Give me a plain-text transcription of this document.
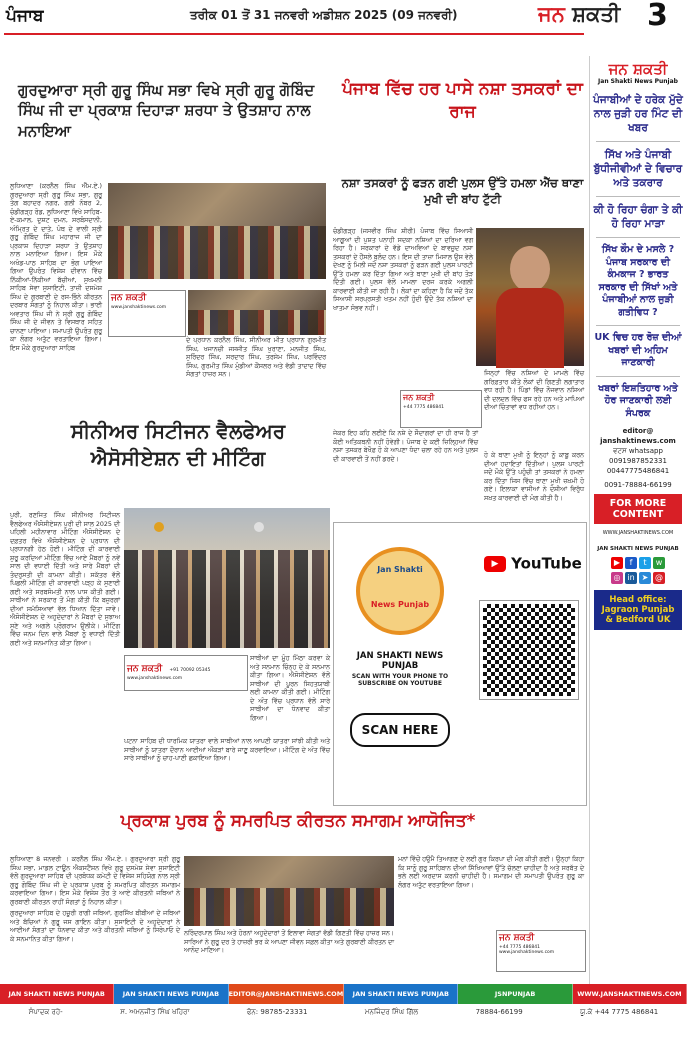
ਪੰਜਾਬ	ਤਰੀਕ 01 ਤੋਂ 31 ਜਨਵਰੀ ਅਡੀਸ਼ਨ 2025 (09 ਜਨਵਰੀ)	ਜਨ ਸ਼ਕਤੀ 3
ਗੁਰਦੁਆਰਾ ਸ੍ਰੀ ਗੁਰੂ ਸਿੰਘ ਸਭਾ ਵਿਖੇ ਸ੍ਰੀ ਗੁਰੂ ਗੋਬਿੰਦ ਸਿੰਘ ਜੀ ਦਾ ਪ੍ਰਕਾਸ਼ ਦਿਹਾੜਾ ਸ਼ਰਧਾ ਤੇ ਉਤਸ਼ਾਹ ਨਾਲ ਮਨਾਇਆ
ਲੁਧਿਆਣਾ (ਕਰਨੈਲ ਸਿੰਘ ਐੱਮ.ਏ.) ਗੁਰਦੁਆਰਾ ਸ੍ਰੀ ਗੁਰੂ ਸਿੰਘ ਸਭਾ, ਗੁਰੂ ਤੇਗ ਬਹਾਦਰ ਨਗਰ, ਗਲੀ ਨੰਬਰ 2, ਚੰਡੀਗੜ੍ਹ ਰੋਡ, ਲੁਧਿਆਣਾ ਵਿਖੇ ਸਾਹਿਬ-ਏ-ਕਮਾਲ, ਦੁਸ਼ਟ ਦਮਨ, ਸਰਬੰਸਦਾਨੀ, ਅੰਮ੍ਰਿਤ ਦੇ ਦਾਤੇ, ਪੰਥ ਦੇ ਵਾਲੀ ਸ੍ਰੀ ਗੁਰੂ ਗੋਬਿੰਦ ਸਿੰਘ ਮਹਾਰਾਜ ਜੀ ਦਾ ਪ੍ਰਕਾਸ਼ ਦਿਹਾੜਾ ਸ਼ਰਧਾ ਤੇ ਉਤਸ਼ਾਹ ਨਾਲ ਮਨਾਇਆ ਗਿਆ। ਇਸ ਮੌਕੇ ਅਖੰਡ-ਪਾਠ ਸਾਹਿਬ ਦਾ ਭੋਗ ਪਾਇਆ ਗਿਆ ਉਪਰੰਤ ਵਿਸ਼ੇਸ਼ ਦੀਵਾਨ ਵਿੱਚ ਨਿੱਕੀਆਂ-ਨਿੱਕੀਆਂ ਬੱਚੀਆਂ, ਸੁਖਮਨੀ ਸਾਹਿਬ ਸੇਵਾ ਸੁਸਾਇਟੀ, ਤਾਜ਼ੀ ਦਸਮੇਸ਼ ਸਿੰਘ ਦੇ ਗੁਰਬਾਣੀ ਦੇ ਰਸ-ਭਿੰਨੇ ਕੀਰਤਨ ਦਰਬਾਰ ਸੰਗਤਾਂ ਨੂੰ ਨਿਹਾਲ ਕੀਤਾ। ਭਾਈ ਅਵਤਾਰ ਸਿੰਘ ਜੀ ਨੇ ਸ੍ਰੀ ਗੁਰੂ ਗੋਬਿੰਦ ਸਿੰਘ ਜੀ ਦੇ ਜੀਵਨ ਤੇ ਵਿਸਥਾਰ ਸਹਿਤ ਚਾਨਣਾ ਪਾਇਆ। ਸਮਾਪਤੀ ਉਪਰੰਤ ਗੁਰੂ ਕਾ ਲੰਗਰ ਅਤੁੱਟ ਵਰਤਾਇਆ ਗਿਆ। ਇਸ ਮੌਕੇ ਗੁਰਦੁਆਰਾ ਸਾਹਿਬ
ਜਨ ਸ਼ਕਤੀ
www.janshaktinews.com
ਦੇ ਪ੍ਰਧਾਨ ਕਰਨੈਲ ਸਿੰਘ, ਸੀਨੀਅਰ ਮੀਤ ਪ੍ਰਧਾਨ ਗੁਰਮੀਤ ਸਿੰਘ, ਖਜਾਨਚੀ ਜਸਜੀਤ ਸਿੰਘ ਖੁਰਾਣਾ, ਮਨਜੀਤ ਸਿੰਘ, ਸੁਰਿੰਦਰ ਸਿੰਘ, ਸਰਦਾਰ ਸਿੰਘ, ਤਰਸੇਮ ਸਿੰਘ, ਪਰਵਿੰਦਰ ਸਿੰਘ, ਗੁਰਮੀਤ ਸਿੰਘ ਮੁੰਡੀਆਂ ਕੌਂਸਲਰ ਅਤੇ ਵੱਡੀ ਤਾਦਾਦ ਵਿੱਚ ਸੰਗਤਾਂ ਹਾਜ਼ਰ ਸਨ।
ਪੰਜਾਬ ਵਿੱਚ ਹਰ ਪਾਸੇ ਨਸ਼ਾ ਤਸਕਰਾਂ ਦਾ ਰਾਜ
ਨਸ਼ਾ ਤਸਕਰਾਂ ਨੂੰ ਫੜਨ ਗਈ ਪੁਲਸ ਉੱਤੇ ਹਮਲਾ ਐੱਚ ਥਾਣਾ ਮੁਖੀ ਦੀ ਬਾਂਹ ਟੁੱਟੀ
ਚੰਡੀਗੜ੍ਹ (ਜਸਵੀਰ ਸਿੰਘ ਸ਼ੀਰੀ) ਪੰਜਾਬ ਵਿੱਚ ਸਿਆਸੀ ਆਗੂਆਂ ਦੀ ਪੁਸ਼ਤ ਪਨਾਹੀ ਸਦਕਾ ਨਸ਼ਿਆਂ ਦਾ ਦਰਿਆ ਵਗ ਰਿਹਾ ਹੈ। ਸਰਕਾਰਾਂ ਦੇ ਵੱਡੇ ਦਾਅਵਿਆਂ ਦੇ ਬਾਵਜੂਦ ਨਸ਼ਾ ਤਸਕਰਾਂ ਦੇ ਹੌਂਸਲੇ ਬੁਲੰਦ ਹਨ। ਇਸ ਦੀ ਤਾਜ਼ਾ ਮਿਸਾਲ ਉਸ ਵੇਲੇ ਦੇਖਣ ਨੂੰ ਮਿਲੀ ਜਦੋਂ ਨਸ਼ਾ ਤਸਕਰਾਂ ਨੂੰ ਫੜਨ ਗਈ ਪੁਲਸ ਪਾਰਟੀ ਉੱਤੇ ਹਮਲਾ ਕਰ ਦਿੱਤਾ ਗਿਆ ਅਤੇ ਥਾਣਾ ਮੁਖੀ ਦੀ ਬਾਂਹ ਤੋੜ ਦਿੱਤੀ ਗਈ। ਪੁਲਸ ਵੱਲੋਂ ਮਾਮਲਾ ਦਰਜ ਕਰਕੇ ਅਗਲੀ ਕਾਰਵਾਈ ਕੀਤੀ ਜਾ ਰਹੀ ਹੈ। ਲੋਕਾਂ ਦਾ ਕਹਿਣਾ ਹੈ ਕਿ ਜਦੋਂ ਤੱਕ ਸਿਆਸੀ ਸਰਪ੍ਰਸਤੀ ਖਤਮ ਨਹੀਂ ਹੁੰਦੀ ਉਦੋਂ ਤੱਕ ਨਸ਼ਿਆਂ ਦਾ ਖਾਤਮਾ ਸੰਭਵ ਨਹੀਂ।
ਜਨ ਸ਼ਕਤੀ
+44 7775 486841
ਜਿਨ੍ਹਾਂ ਵਿੱਚ ਨਸ਼ਿਆਂ ਦੇ ਮਾਮਲੇ ਵਿੱਚ ਗਰਿਫ਼ਤਾਰ ਕੀਤੇ ਲੋਕਾਂ ਦੀ ਗਿਣਤੀ ਲਗਾਤਾਰ ਵਧ ਰਹੀ ਹੈ। ਪਿੰਡਾਂ ਵਿੱਚ ਨੌਜਵਾਨ ਨਸ਼ਿਆਂ ਦੀ ਦਲਦਲ ਵਿੱਚ ਫਸ ਰਹੇ ਹਨ ਅਤੇ ਮਾਪਿਆਂ ਦੀਆਂ ਚਿੰਤਾਵਾਂ ਵਧ ਰਹੀਆਂ ਹਨ।
ਜੇਕਰ ਇਹ ਕਹਿ ਲਈਏ ਕਿ ਨਸ਼ੇ ਦੇ ਸੌਦਾਗਰਾਂ ਦਾ ਹੀ ਰਾਜ ਹੈ ਤਾਂ ਕੋਈ ਅਤਿਕਥਨੀ ਨਹੀਂ ਹੋਵੇਗੀ। ਪੰਜਾਬ ਦੇ ਕਈ ਜ਼ਿਲ੍ਹਿਆਂ ਵਿੱਚ ਨਸ਼ਾ ਤਸਕਰ ਬੇਖੌਫ਼ ਹੋ ਕੇ ਆਪਣਾ ਧੰਦਾ ਚਲਾ ਰਹੇ ਹਨ ਅਤੇ ਪੁਲਸ ਦੀ ਕਾਰਵਾਈ ਤੋਂ ਨਹੀਂ ਡਰਦੇ।	ਹੋ ਕੇ ਥਾਣਾ ਮੁਖੀ ਨੂੰ ਇਨ੍ਹਾਂ ਨੂੰ ਕਾਬੂ ਕਰਨ ਦੀਆਂ ਹਦਾਇਤਾਂ ਦਿੱਤੀਆਂ। ਪੁਲਸ ਪਾਰਟੀ ਜਦੋਂ ਮੌਕੇ ਉੱਤੇ ਪਹੁੰਚੀ ਤਾਂ ਤਸਕਰਾਂ ਨੇ ਹਮਲਾ ਕਰ ਦਿੱਤਾ ਜਿਸ ਵਿੱਚ ਥਾਣਾ ਮੁਖੀ ਜ਼ਖ਼ਮੀ ਹੋ ਗਏ। ਇਲਾਕਾ ਵਾਸੀਆਂ ਨੇ ਦੋਸ਼ੀਆਂ ਵਿਰੁੱਧ ਸਖ਼ਤ ਕਾਰਵਾਈ ਦੀ ਮੰਗ ਕੀਤੀ ਹੈ।
ਸੀਨੀਅਰ ਸਿਟੀਜਨ ਵੈਲਫੇਅਰ ਐਸੋਸੀਏਸ਼ਨ ਦੀ ਮੀਟਿੰਗ
ਪੁਰੀ, ਰਣਜਿਤ ਸਿੰਘ ਸੀਨੀਅਰ ਸਿਟੀਜਨ ਵੈਲਫੇਅਰ ਐਸੋਸੀਏਸ਼ਨ ਪੁਰੀ ਦੀ ਸਾਲ 2025 ਦੀ ਪਹਿਲੀ ਮਹੀਨਾਵਾਰ ਮੀਟਿੰਗ ਐਸੋਸੀਏਸ਼ਨ ਦੇ ਦਫ਼ਤਰ ਵਿਖੇ ਐਸੋਸੀਏਸ਼ਨ ਦੇ ਪ੍ਰਧਾਨ ਦੀ ਪ੍ਰਧਾਨਗੀ ਹੇਠ ਹੋਈ। ਮੀਟਿੰਗ ਦੀ ਕਾਰਵਾਈ ਸ਼ੁਰੂ ਕਰਦਿਆਂ ਮੀਟਿੰਗ ਵਿੱਚ ਆਏ ਮੈਂਬਰਾਂ ਨੂੰ ਨਵੇਂ ਸਾਲ ਦੀ ਵਧਾਈ ਦਿੱਤੀ ਅਤੇ ਸਾਰੇ ਮੈਂਬਰਾਂ ਦੀ ਤੰਦਰੁਸਤੀ ਦੀ ਕਾਮਨਾ ਕੀਤੀ। ਸਕੱਤਰ ਵੱਲੋਂ ਪਿਛਲੀ ਮੀਟਿੰਗ ਦੀ ਕਾਰਵਾਈ ਪੜ੍ਹ ਕੇ ਸੁਣਾਈ ਗਈ ਅਤੇ ਸਰਬਸੰਮਤੀ ਨਾਲ ਪਾਸ ਕੀਤੀ ਗਈ। ਸਾਥੀਆਂ ਨੇ ਸਰਕਾਰ ਤੋਂ ਮੰਗ ਕੀਤੀ ਕਿ ਬਜ਼ੁਰਗਾਂ ਦੀਆਂ ਸਮੱਸਿਆਵਾਂ ਵੱਲ ਧਿਆਨ ਦਿੱਤਾ ਜਾਵੇ। ਐਸੋਸੀਏਸ਼ਨ ਦੇ ਅਹੁਦੇਦਾਰਾਂ ਨੇ ਮੈਂਬਰਾਂ ਦੇ ਸੁਝਾਅ ਸੁਣੇ ਅਤੇ ਅਗਲੇ ਪ੍ਰੋਗਰਾਮ ਉਲੀਕੇ। ਮੀਟਿੰਗ ਵਿੱਚ ਜਨਮ ਦਿਨ ਵਾਲੇ ਮੈਂਬਰਾਂ ਨੂੰ ਵਧਾਈ ਦਿੱਤੀ ਗਈ ਅਤੇ ਸਨਮਾਨਿਤ ਕੀਤਾ ਗਿਆ।
ਜਨ ਸ਼ਕਤੀ +91 70092 05345
www.janshaktinews.com
ਸਾਥੀਆਂ ਦਾ ਮੂੰਹ ਮਿੱਠਾ ਕਰਵਾ ਕੇ ਅਤੇ ਸਨਮਾਨ ਚਿੰਨ੍ਹ ਦੇ ਕੇ ਸਨਮਾਨ ਕੀਤਾ ਗਿਆ। ਐਸੋਸੀਏਸ਼ਨ ਵੱਲੋਂ ਸਾਥੀਆਂ ਦੀ ਪੂਰਨ ਸਿਹਤਯਾਬੀ ਲਈ ਕਾਮਨਾ ਕੀਤੀ ਗਈ। ਮੀਟਿੰਗ ਦੇ ਅੰਤ ਵਿੱਚ ਪ੍ਰਧਾਨ ਵੱਲੋਂ ਸਾਰੇ ਸਾਥੀਆਂ ਦਾ ਧੰਨਵਾਦ ਕੀਤਾ ਗਿਆ।
ਪਟਨਾ ਸਾਹਿਬ ਦੀ ਧਾਰਮਿਕ ਯਾਤਰਾ ਵਾਲੇ ਸਾਥੀਆਂ ਨਾਲ ਆਪਣੀ ਯਾਤਰਾ ਸਾਂਝੀ ਕੀਤੀ ਅਤੇ ਸਾਥੀਆਂ ਨੂੰ ਯਾਤਰਾ ਦੌਰਾਨ ਆਈਆਂ ਔਕੜਾਂ ਬਾਰੇ ਜਾਣੂ ਕਰਵਾਇਆ। ਮੀਟਿੰਗ ਦੇ ਅੰਤ ਵਿੱਚ ਸਾਰੇ ਸਾਥੀਆਂ ਨੂੰ ਚਾਹ-ਪਾਣੀ ਛਕਾਇਆ ਗਿਆ।
Jan Shakti
News Punjab
JAN SHAKTI NEWS PUNJAB
SCAN WITH YOUR PHONE TO SUBSCRIBE ON YOUTUBE
SCAN HERE
▶ YouTube
ਪ੍ਰਕਾਸ਼ ਪੁਰਬ ਨੂੰ ਸਮਰਪਿਤ ਕੀਰਤਨ ਸਮਾਗਮ ਆਯੋਜਿਤ*
ਲੁਧਿਆਣਾ 8 ਜਨਵਰੀ । ਕਰਨੈਲ ਸਿੰਘ ਐੱਮ.ਏ.। ਗੁਰਦੁਆਰਾ ਸ੍ਰੀ ਗੁਰੂ ਸਿੰਘ ਸਭਾ, ਮਾਡਲ ਟਾਊਨ ਐਕਸਟੈਂਸ਼ਨ ਵਿਖੇ ਗੁਰੂ ਦਸਮੇਸ਼ ਸੇਵਾ ਸੁਸਾਇਟੀ ਵੱਲੋਂ ਗੁਰਦੁਆਰਾ ਸਾਹਿਬ ਦੀ ਪ੍ਰਬੰਧਕ ਕਮੇਟੀ ਦੇ ਵਿਸ਼ੇਸ਼ ਸਹਿਯੋਗ ਨਾਲ ਸ੍ਰੀ ਗੁਰੂ ਗੋਬਿੰਦ ਸਿੰਘ ਜੀ ਦੇ ਪ੍ਰਕਾਸ਼ ਪੁਰਬ ਨੂੰ ਸਮਰਪਿਤ ਕੀਰਤਨ ਸਮਾਗਮ ਕਰਵਾਇਆ ਗਿਆ। ਇਸ ਮੌਕੇ ਵਿਸ਼ੇਸ਼ ਤੌਰ ਤੇ ਆਏ ਕੀਰਤਨੀ ਜਥਿਆਂ ਨੇ ਗੁਰਬਾਣੀ ਕੀਰਤਨ ਰਾਹੀਂ ਸੰਗਤਾਂ ਨੂੰ ਨਿਹਾਲ ਕੀਤਾ।
ਗੁਰਦੁਆਰਾ ਸਾਹਿਬ ਦੇ ਹਜ਼ੂਰੀ ਰਾਗੀ ਜਥਿਆਂ, ਗੁਰਸਿੱਖ ਬੀਬੀਆਂ ਦੇ ਜਥਿਆਂ ਅਤੇ ਬੱਚਿਆਂ ਨੇ ਗੁਰੂ ਜਸ ਗਾਇਨ ਕੀਤਾ। ਸੁਸਾਇਟੀ ਦੇ ਅਹੁਦੇਦਾਰਾਂ ਨੇ ਆਈਆਂ ਸੰਗਤਾਂ ਦਾ ਧੰਨਵਾਦ ਕੀਤਾ ਅਤੇ ਕੀਰਤਨੀ ਜਥਿਆਂ ਨੂੰ ਸਿਰੋਪਾਓ ਦੇ ਕੇ ਸਨਮਾਨਿਤ ਕੀਤਾ ਗਿਆ।
ਮਨਾਂ ਵਿੱਚੋਂ ਹਉਮੈ ਤਿਆਗਣ ਦੇ ਲਈ ਗੁਰ ਕਿਰਪਾ ਦੀ ਮੰਗ ਕੀਤੀ ਗਈ। ਉਨ੍ਹਾਂ ਕਿਹਾ ਕਿ ਸਾਨੂੰ ਗੁਰੂ ਸਾਹਿਬਾਨ ਦੀਆਂ ਸਿੱਖਿਆਵਾਂ ਉੱਤੇ ਚੱਲਣਾ ਚਾਹੀਦਾ ਹੈ ਅਤੇ ਸਰਬੱਤ ਦੇ ਭਲੇ ਲਈ ਅਰਦਾਸ ਕਰਨੀ ਚਾਹੀਦੀ ਹੈ। ਸਮਾਗਮ ਦੀ ਸਮਾਪਤੀ ਉਪਰੰਤ ਗੁਰੂ ਕਾ ਲੰਗਰ ਅਤੁੱਟ ਵਰਤਾਇਆ ਗਿਆ।
ਨਰਿੰਦਰਪਾਲ ਸਿੰਘ ਅਤੇ ਹੋਰਨਾਂ ਅਹੁਦੇਦਾਰਾਂ ਤੋਂ ਇਲਾਵਾ ਸੰਗਤਾਂ ਵੱਡੀ ਗਿਣਤੀ ਵਿੱਚ ਹਾਜ਼ਰ ਸਨ। ਸਾਰਿਆਂ ਨੇ ਗੁਰੂ ਦਰ ਤੇ ਹਾਜ਼ਰੀ ਭਰ ਕੇ ਆਪਣਾ ਜੀਵਨ ਸਫ਼ਲ ਕੀਤਾ ਅਤੇ ਗੁਰਬਾਣੀ ਕੀਰਤਨ ਦਾ ਆਨੰਦ ਮਾਣਿਆ।
ਜਨ ਸ਼ਕਤੀ
+44 7775 486841
www.janshaktinews.com
ਜਨ ਸ਼ਕਤੀ
Jan Shakti News Punjab
ਪੰਜਾਬੀਆਂ ਦੇ ਹਰੇਕ ਮੁੱਦੇ ਨਾਲ ਜੁੜੀ ਹਰ ਮਿੰਟ ਦੀ ਖਬਰ
ਸਿੱਖ ਅਤੇ ਪੰਜਾਬੀ ਬੁੱਧੀਜੀਵੀਆਂ ਦੇ ਵਿਚਾਰ ਅਤੇ ਤਕਰਾਰ
ਕੀ ਹੋ ਰਿਹਾ ਚੰਗਾ ਤੇ ਕੀ ਹੋ ਰਿਹਾ ਮਾੜਾ
ਸਿੱਖ ਕੌਮ ਦੇ ਮਸਲੇ ? ਪੰਜਾਬ ਸਰਕਾਰ ਦੀ ਕੰਮਕਾਜ ? ਭਾਰਤ ਸਰਕਾਰ ਦੀ ਸਿੱਖਾਂ ਅਤੇ ਪੰਜਾਬੀਆਂ ਨਾਲ ਜੁੜੀ ਗਤੀਵਿਧ ?
UK ਵਿਚ ਹਰ ਰੋਜ਼ ਦੀਆਂ ਖਬਰਾਂ ਦੀ ਅਹਿਮ ਜਾਣਕਾਰੀ
ਖਬਰਾਂ ਇਸ਼ਤਿਹਾਰ ਅਤੇ ਹੋਰ ਜਾਣਕਾਰੀ ਲਈ ਸੰਪਰਕ
editor@
janshaktinews.com
ਵਟਸ whatsapp
0091987852331
00447775486841
0091-78884-66199
FOR MORE CONTENT
WWW.JANSHAKTINEWS.COM
JAN SHAKTI NEWS PUNJAB
▶	f	t	w
◎ in ➤ @
Head office: Jagraon Punjab & Bedford UK
JAN SHAKTI NEWS PUNJAB	JAN SHAKTI NEWS PUNJAB	EDITOR@JANSHAKTINEWS.COM	JAN SHAKTI NEWS PUNJAB	JSNPUNJAB	WWW.JANSHAKTINEWS.COM
ਸੰਪਾਦਕ ਰਹੇ-	ਸ. ਅਮਨਜੀਤ ਸਿੰਘ ਖਹਿਰਾ	ਫੋਨ: 98785-23331	ਮਨਜਿੰਦਰ ਸਿੰਘ ਗਿੱਲ	78884-66199	ਯੂ.ਕੇ +44 7775 486841
